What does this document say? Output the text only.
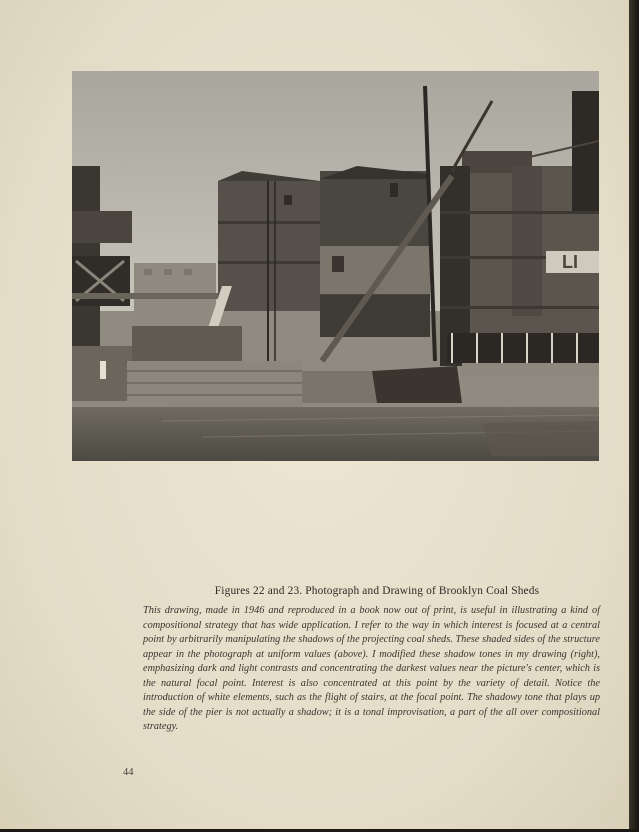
LI
Figures 22 and 23. Photograph and Drawing of Brooklyn Coal Sheds
This drawing, made in 1946 and reproduced in a book now out of print, is useful in illustrating a kind of compositional strategy that has wide application. I refer to the way in which interest is focused at a central point by arbitrarily manipulating the shadows of the projecting coal sheds. These shaded sides of the structure appear in the photograph at uniform values (above). I modified these shadow tones in my drawing (right), emphasizing dark and light contrasts and concentrating the darkest values near the picture's center, which is the natural focal point. Interest is also concentrated at this point by the variety of detail. Notice the introduction of white elements, such as the flight of stairs, at the focal point. The shadowy tone that plays up the side of the pier is not actually a shadow; it is a tonal improvisation, a part of the all over compositional strategy.
44
